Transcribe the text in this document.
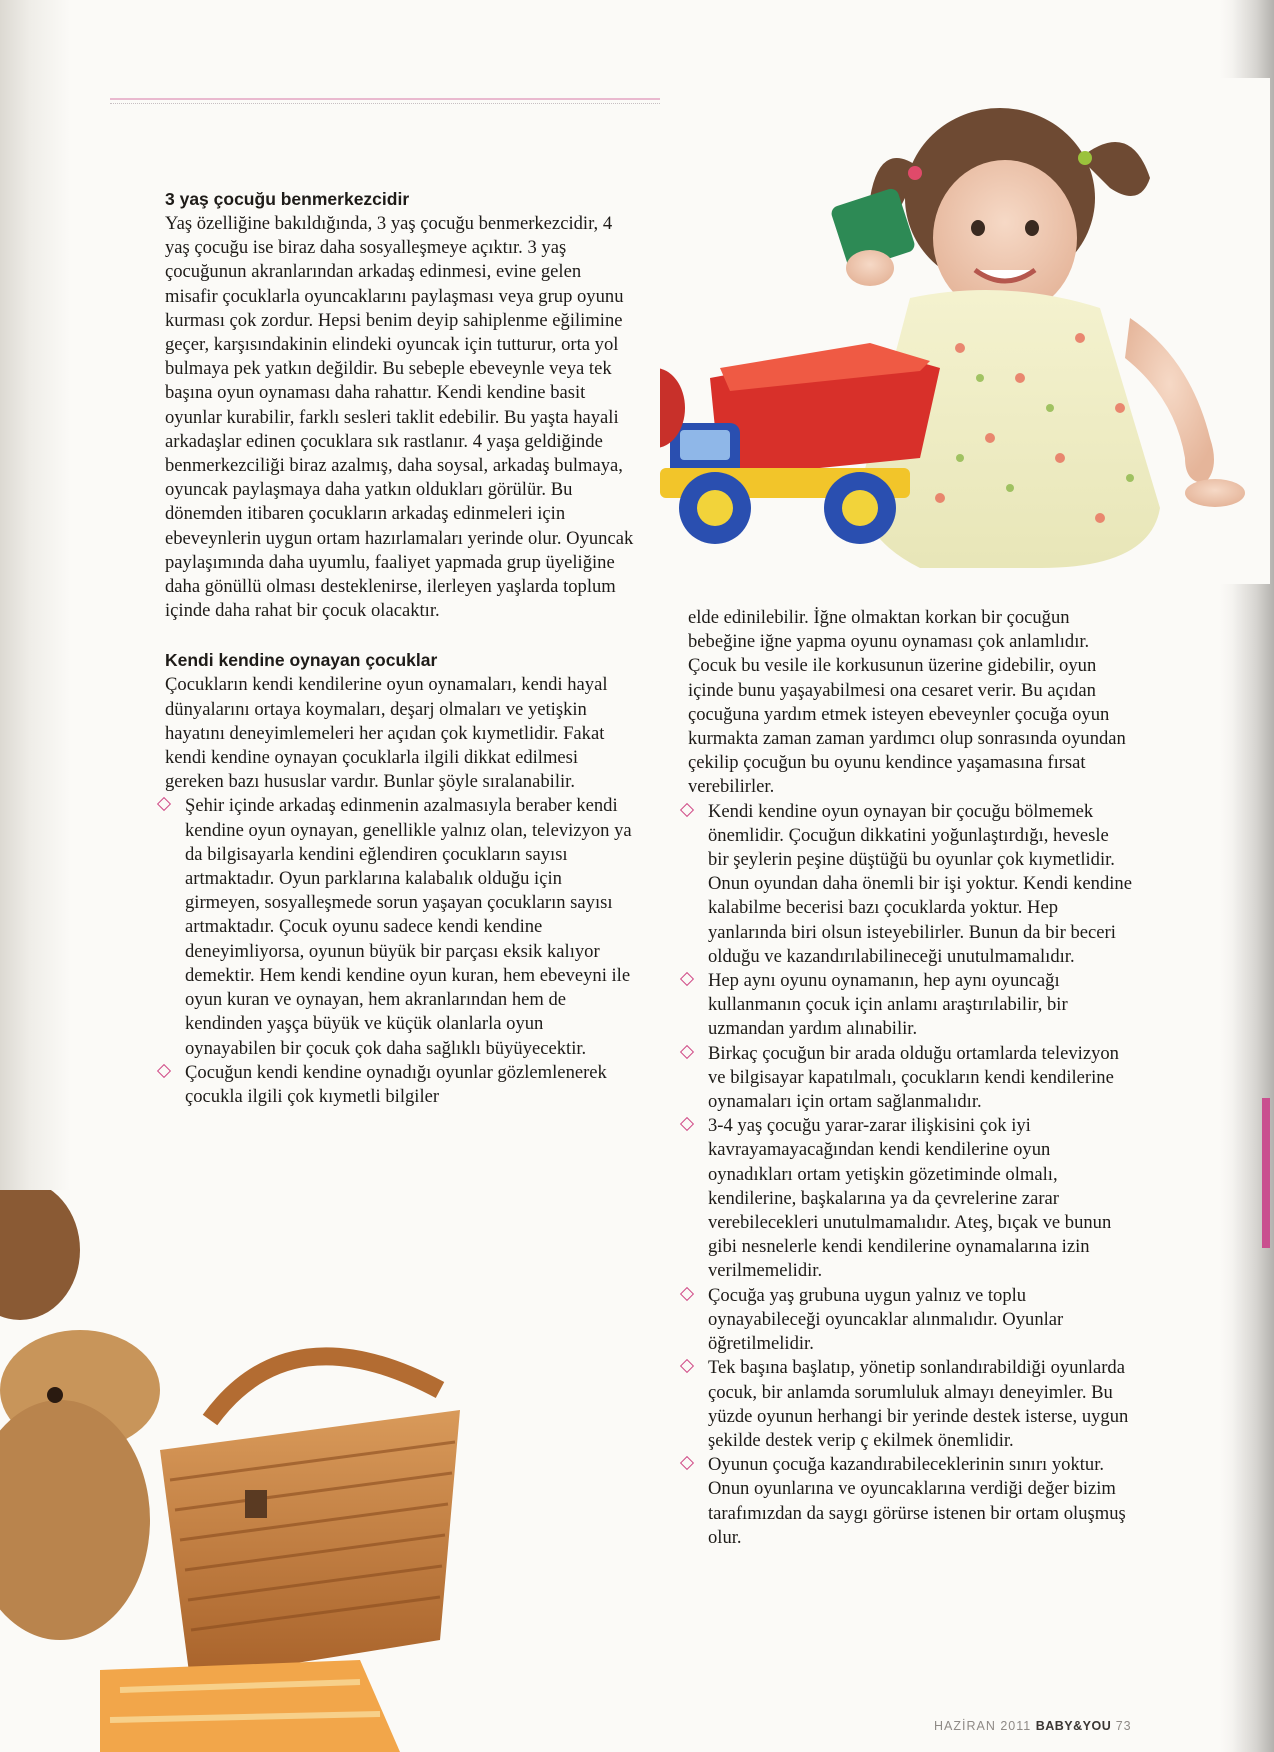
3 yaş çocuğu benmerkezcidir

Yaş özelliğine bakıldığında, 3 yaş çocuğu benmerkezcidir, 4 yaş çocuğu ise biraz daha sosyalleşmeye açıktır. 3 yaş çocuğunun akranlarından arkadaş edinmesi, evine gelen misafir çocuklarla oyuncaklarını paylaşması veya grup oyunu kurması çok zordur. Hepsi benim deyip sahiplenme eğilimine geçer, karşısındakinin elindeki oyuncak için tutturur, orta yol bulmaya pek yatkın değildir. Bu sebeple ebeveynle veya tek başına oyun oynaması daha rahattır. Kendi kendine basit oyunlar kurabilir, farklı sesleri taklit edebilir. Bu yaşta hayali arkadaşlar edinen çocuklara sık rastlanır. 4 yaşa geldiğinde benmerkezciliği biraz azalmış, daha soysal, arkadaş bulmaya, oyuncak paylaşmaya daha yatkın oldukları görülür. Bu dönemden itibaren çocukların arkadaş edinmeleri için ebeveynlerin uygun ortam hazırlamaları yerinde olur. Oyuncak paylaşımında daha uyumlu, faaliyet yapmada grup üyeliğine daha gönüllü olması desteklenirse, ilerleyen yaşlarda toplum içinde daha rahat bir çocuk olacaktır.

Kendi kendine oynayan çocuklar

Çocukların kendi kendilerine oyun oynamaları, kendi hayal dünyalarını ortaya koymaları, deşarj olmaları ve yetişkin hayatını deneyimlemeleri her açıdan çok kıymetlidir. Fakat kendi kendine oynayan çocuklarla ilgili dikkat edilmesi gereken bazı hususlar vardır. Bunlar şöyle sıralanabilir.

Şehir içinde arkadaş edinmenin azalmasıyla beraber kendi kendine oyun oynayan, genellikle yalnız olan, televizyon ya da bilgisayarla kendini eğlendiren çocukların sayısı artmaktadır. Oyun parklarına kalabalık olduğu için girmeyen, sosyalleşmede sorun yaşayan çocukların sayısı artmaktadır. Çocuk oyunu sadece kendi kendine deneyimliyorsa, oyunun büyük bir parçası eksik kalıyor demektir. Hem kendi kendine oyun kuran, hem ebeveyni ile oyun kuran ve oynayan, hem akranlarından hem de kendinden yaşça büyük ve küçük olanlarla oyun oynayabilen bir çocuk çok daha sağlıklı büyüyecektir.
Çocuğun kendi kendine oynadığı oyunlar gözlemlenerek çocukla ilgili çok kıymetli bilgiler

elde edinilebilir. İğne olmaktan korkan bir çocuğun bebeğine iğne yapma oyunu oynaması çok anlamlıdır. Çocuk bu vesile ile korkusunun üzerine gidebilir, oyun içinde bunu yaşayabilmesi ona cesaret verir. Bu açıdan çocuğuna yardım etmek isteyen ebeveynler çocuğa oyun kurmakta zaman zaman yardımcı olup sonrasında oyundan çekilip çocuğun bu oyunu kendince yaşamasına fırsat verebilirler.

Kendi kendine oyun oynayan bir çocuğu bölmemek önemlidir. Çocuğun dikkatini yoğunlaştırdığı, hevesle bir şeylerin peşine düştüğü bu oyunlar çok kıymetlidir. Onun oyundan daha önemli bir işi yoktur. Kendi kendine kalabilme becerisi bazı çocuklarda yoktur. Hep yanlarında biri olsun isteyebilirler. Bunun da bir beceri olduğu ve kazandırılabilineceği unutulmamalıdır.
Hep aynı oyunu oynamanın, hep aynı oyuncağı kullanmanın çocuk için anlamı araştırılabilir, bir uzmandan yardım alınabilir.
Birkaç çocuğun bir arada olduğu ortamlarda televizyon ve bilgisayar kapatılmalı, çocukların kendi kendilerine oynamaları için ortam sağlanmalıdır.
3-4 yaş çocuğu yarar-zarar ilişkisini çok iyi kavrayamayacağından kendi kendilerine oyun oynadıkları ortam yetişkin gözetiminde olmalı, kendilerine, başkalarına ya da çevrelerine zarar verebilecekleri unutulmamalıdır. Ateş, bıçak ve bunun gibi nesnelerle kendi kendilerine oynamalarına izin verilmemelidir.
Çocuğa yaş grubuna uygun yalnız ve toplu oynayabileceği oyuncaklar alınmalıdır. Oyunlar öğretilmelidir.
Tek başına başlatıp, yönetip sonlandırabildiği oyunlarda çocuk, bir anlamda sorumluluk almayı deneyimler. Bu yüzde oyunun herhangi bir yerinde destek isterse, uygun şekilde destek verip ç ekilmek önemlidir.
Oyunun çocuğa kazandırabileceklerinin sınırı yoktur. Onun oyunlarına ve oyuncaklarına verdiği değer bizim tarafımızdan da saygı görürse istenen bir ortam oluşmuş olur.
HAZİRAN 2011 BABY&YOU 73
